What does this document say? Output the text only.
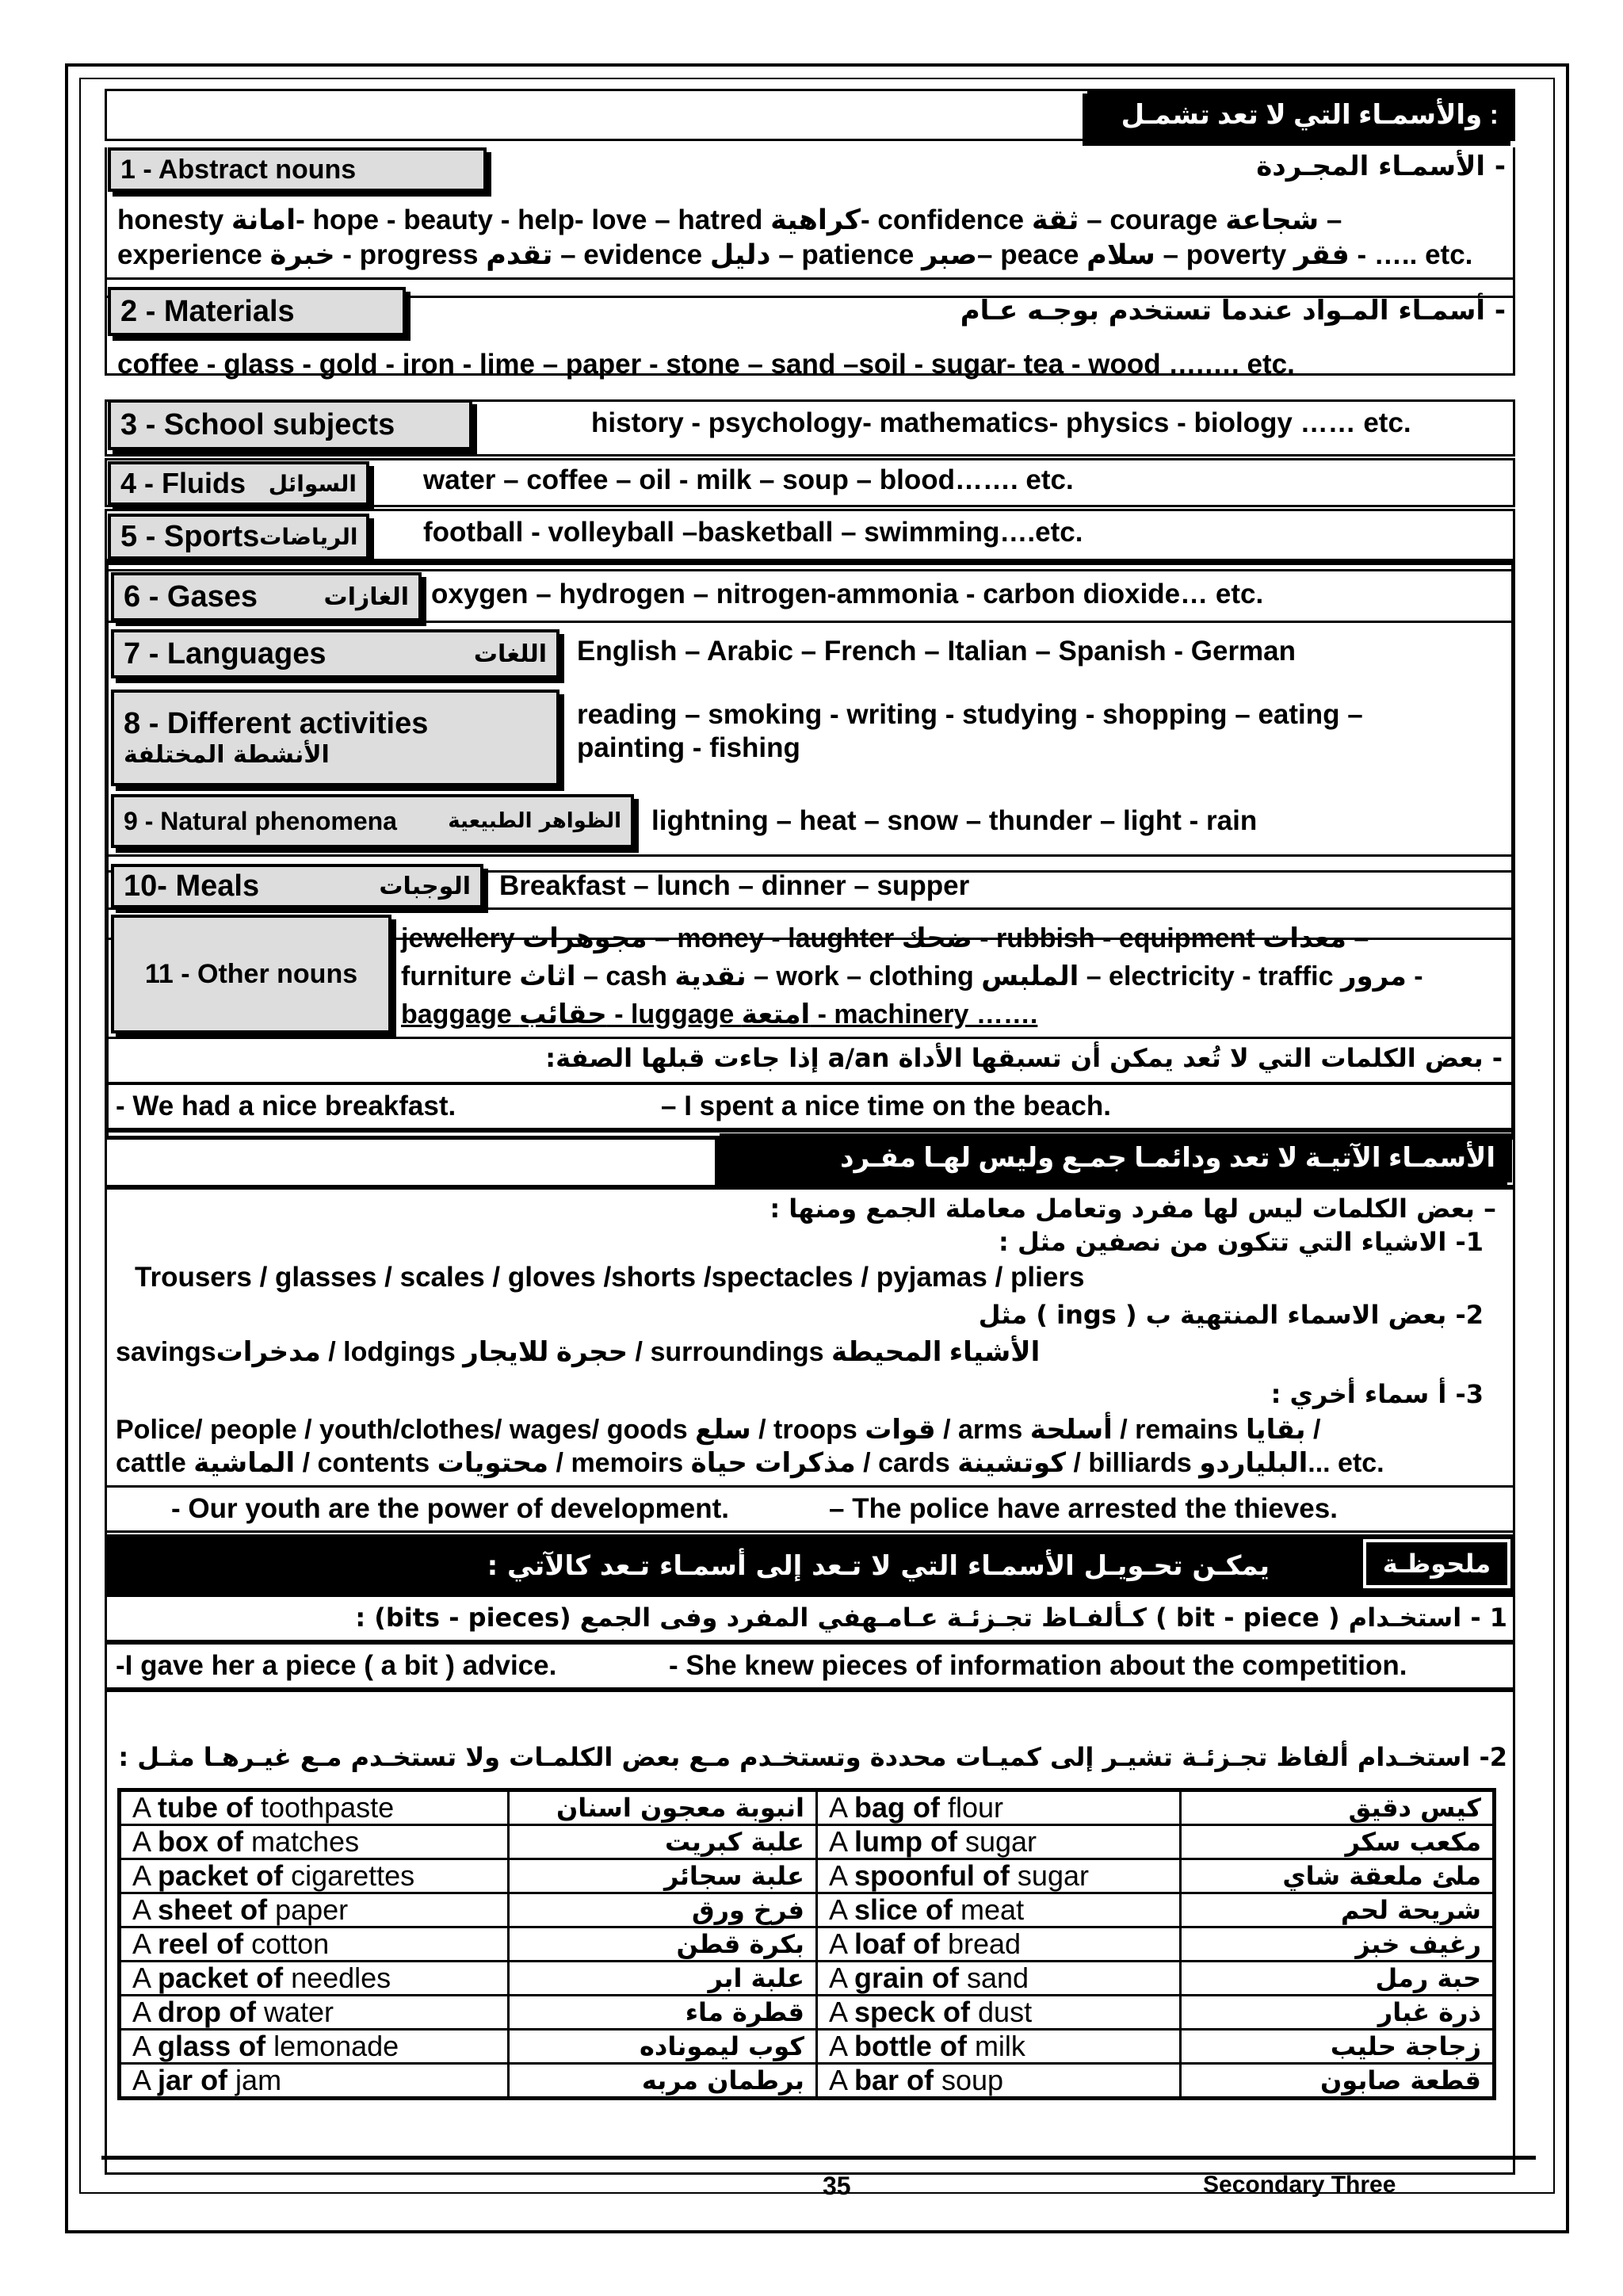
والأسمـاء التي لا تعد تشمـل :
1 - Abstract nouns	- الأسمـاء المجـردة
honesty امانة- hope - beauty - help- love – hatred كراهية- confidence ثقة – courage شجاعة –
experience خبرة - progress تقدم – evidence دليل – patience صبر– peace سلام – poverty فقر - ….. etc.
2 - Materials	- أسمـاء المـواد عندما تستخدم بوجـه عـام
coffee - glass - gold - iron - lime – paper - stone – sand –soil - sugar- tea - wood ….…. etc.
3 - School subjects	history - psychology- mathematics- physics - biology …… etc.
4 - Fluids السوائل water – coffee – oil - milk – soup – blood……. etc.
5 - Sports الرياضات football - volleyball –basketball – swimming….etc.
6 - Gases	الغازات oxygen – hydrogen – nitrogen-ammonia - carbon dioxide… etc.
7 - Languages	اللغات English – Arabic – French – Italian – Spanish - German
8 - Different activities
الأنشطة المختلفة
reading – smoking - writing - studying - shopping – eating –
painting - fishing
9 - Natural phenomena الظواهر الطبيعية lightning – heat – snow – thunder – light - rain
10- Meals	الوجبات Breakfast – lunch – dinner – supper
11 - Other nouns
jewellery مجوهرات – money - laughter ضحك - rubbish - equipment معدات –
furniture اثاث – cash نقدية – work – clothing الملبس – electricity - traffic مرور -
baggage حقائب - luggage امتعة - machinery …….
- بعض الكلمات التي لا تُعد يمكن أن تسبقها الأداة a/an إذا جاءت قبلها الصفة:
- We had a nice breakfast.	– I spent a nice time on the beach.
الأسمـاء الآتيـة لا تعد ودائمـا جمـع وليس لهـا مفـرد
– بعض الكلمات ليس لها مفرد وتعامل معاملة الجمع ومنها :
1- الاشياء التي تتكون من نصفين مثل :
Trousers / glasses / scales / gloves /shorts /spectacles / pyjamas / pliers
2- بعض الاسماء المنتهية ب ( ings ) مثل
savingsمدخرات / lodgings حجرة للايجار / surroundings الأشياء المحيطة
3- أ سماء أخري :
Police/ people / youth/clothes/ wages/ goods سلع / troops قوات / arms أسلحة / remains بقايا /
cattle الماشية / contents محتويات / memoirs مذكرات حياة / cards كوتشينة / billiards البلياردو... etc.
- Our youth are the power of development.	– The police have arrested the thieves.
يمكـن تحـويـل الأسمـاء التي لا تـعد إلى أسمـاء تـعد كالآتي :	ملحوظـة
1 - استخـدام ( bit - piece ) كـألفـاظ تجـزئـة عـامـهفي المفرد وفى الجمع (bits - pieces) :
-I gave her a piece ( a bit ) advice.	- She knew pieces of information about the competition.
2- استخـدام ألفاظ تجـزئـة تشيـر إلى كميـات محددة وتستخـدم مـع بعض الكلمـات ولا تستخـدم مـع غيـرهـا مثـل :
A tube of toothpaste	انبوبة معجون اسنان	A bag of flour	كيس دقيق
A box of matches	علبة كبريت	A lump of sugar	مكعب سكر
A packet of cigarettes	علبة سجائر	A spoonful of sugar	ملئ ملعقة شاي
A sheet of paper	فرخ ورق	A slice of meat	شريحة لحم
A reel of cotton	بكرة قطن	A loaf of bread	رغيف خبز
A packet of needles	علبة ابر	A grain of sand	حبة رمل
A drop of water	قطرة ماء	A speck of dust	ذرة غبار
A glass of lemonade	كوب ليموناده	A bottle of milk	زجاجة حليب
A jar of jam	برطمان مربه	A bar of soup	قطعة صابون
35	Secondary Three
